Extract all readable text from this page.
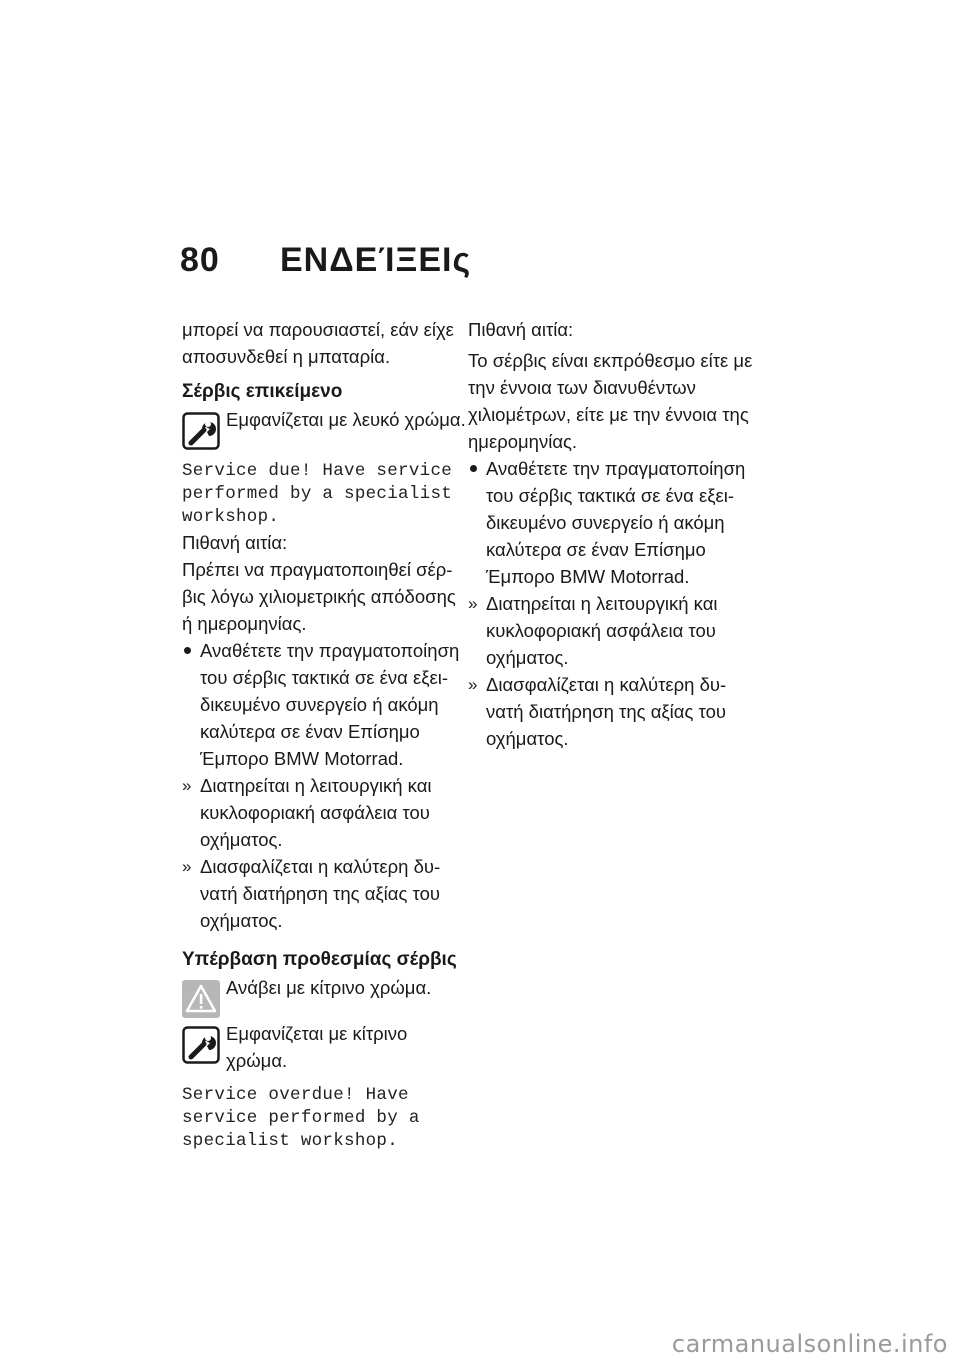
80	ΕΝΔΕΊΞΕΙς

μπορεί να παρουσιαστεί, εάν είχε αποσυνδεθεί η μπαταρία.

Σέρβις επικείμενο

Εμφανίζεται με λευκό χρώμα.

Service due! Have service performed by a specialist workshop.

Πιθανή αιτία:

Πρέπει να πραγματοποιηθεί σέρ-βις λόγω χιλιομετρικής απόδοσης ή ημερομηνίας.

Αναθέτετε την πραγματοποίηση του σέρβις τακτικά σε ένα εξει-δικευμένο συνεργείο ή ακόμη καλύτερα σε έναν Επίσημο Έμπορο BMW Motorrad.
» Διατηρείται η λειτουργική και κυκλοφοριακή ασφάλεια του οχήματος.
» Διασφαλίζεται η καλύτερη δυ-νατή διατήρηση της αξίας του οχήματος.

Υπέρβαση προθεσμίας σέρβις

Ανάβει με κίτρινο χρώμα.

Εμφανίζεται με κίτρινο χρώμα.

Service overdue! Have service performed by a specialist workshop.

Πιθανή αιτία:

Το σέρβις είναι εκπρόθεσμο είτε με την έννοια των διανυθέντων χιλιομέτρων, είτε με την έννοια της ημερομηνίας.

Αναθέτετε την πραγματοποίηση του σέρβις τακτικά σε ένα εξει-δικευμένο συνεργείο ή ακόμη καλύτερα σε έναν Επίσημο Έμπορο BMW Motorrad.
» Διατηρείται η λειτουργική και κυκλοφοριακή ασφάλεια του οχήματος.
» Διασφαλίζεται η καλύτερη δυ-νατή διατήρηση της αξίας του οχήματος.
carmanualsonline.info
